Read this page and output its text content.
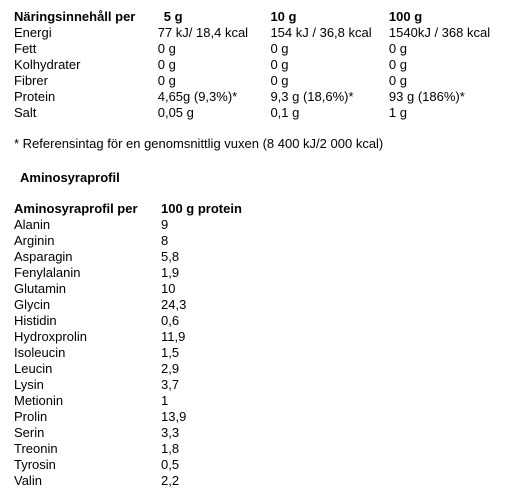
Näringsinnehåll per	5 g	10 g	100 g
Energi	77 kJ/ 18,4 kcal	154 kJ / 36,8 kcal	1540kJ / 368 kcal
Fett	0 g	0 g	0 g
Kolhydrater	0 g	0 g	0 g
Fibrer	0 g	0 g	0 g
Protein	4,65g (9,3%)*	9,3 g (18,6%)*	93 g (186%)*
Salt	0,05 g	0,1 g	1 g
* Referensintag för en genomsnittlig vuxen (8 400 kJ/2 000 kcal)
Aminosyraprofil
Aminosyraprofil per	100 g protein
Alanin	9
Arginin	8
Asparagin	5,8
Fenylalanin	1,9
Glutamin	10
Glycin	24,3
Histidin	0,6
Hydroxprolin	11,9
Isoleucin	1,5
Leucin	2,9
Lysin	3,7
Metionin	1
Prolin	13,9
Serin	3,3
Treonin	1,8
Tyrosin	0,5
Valin	2,2
